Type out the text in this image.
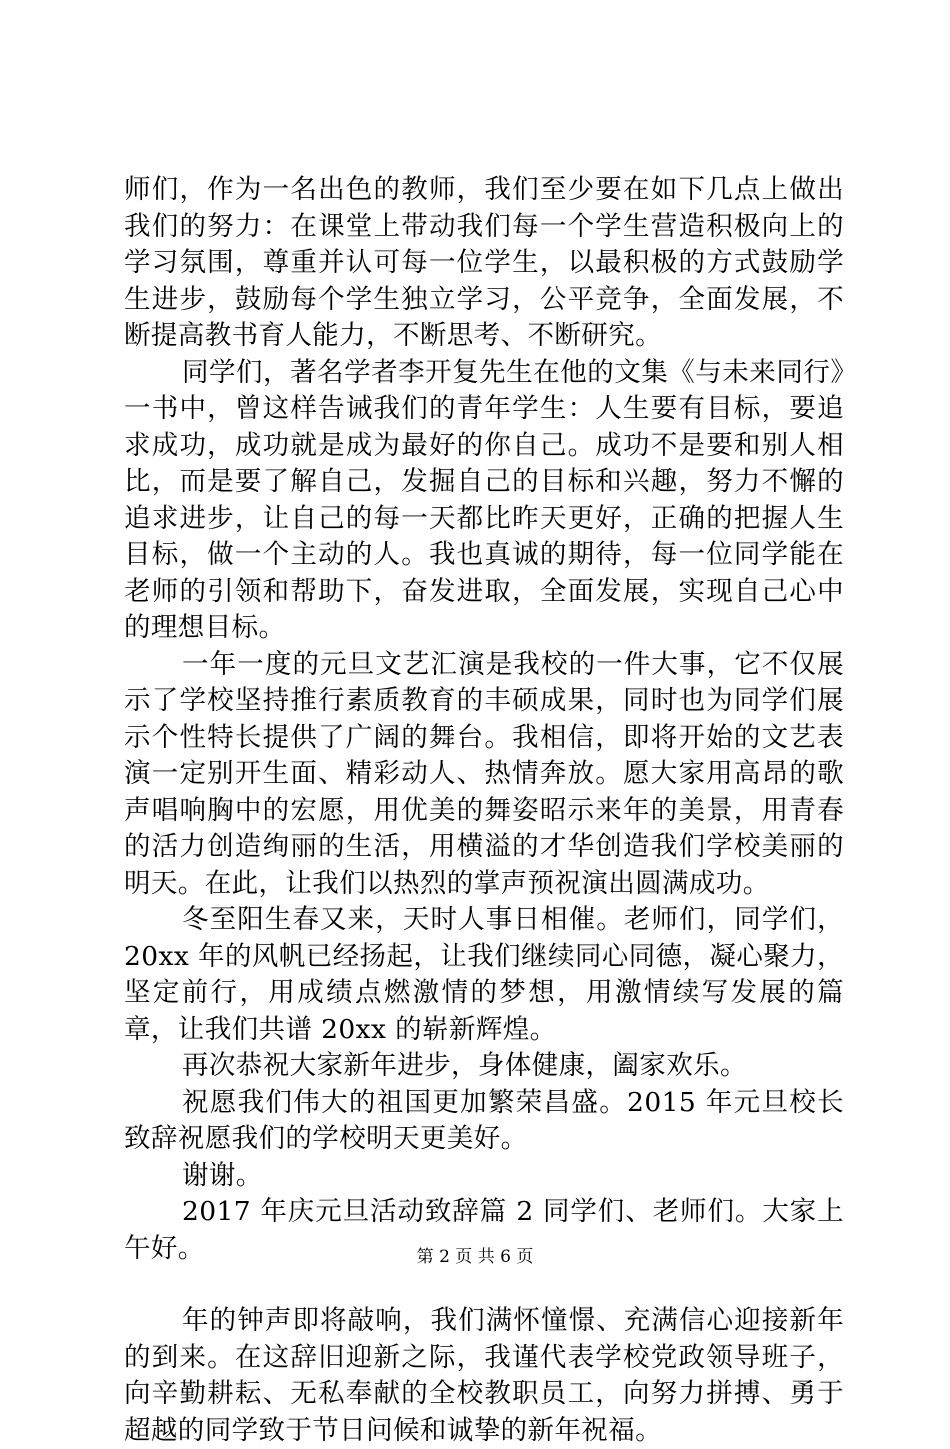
师们，作为一名出色的教师，我们至少要在如下几点上做出我们的努力：在课堂上带动我们每一个学生营造积极向上的学习氛围，尊重并认可每一位学生，以最积极的方式鼓励学生进步，鼓励每个学生独立学习，公平竞争，全面发展，不断提高教书育人能力，不断思考、不断研究。

同学们，著名学者李开复先生在他的文集《与未来同行》一书中，曾这样告诫我们的青年学生：人生要有目标，要追求成功，成功就是成为最好的你自己。成功不是要和别人相比，而是要了解自己，发掘自己的目标和兴趣，努力不懈的追求进步，让自己的每一天都比昨天更好，正确的把握人生目标，做一个主动的人。我也真诚的期待，每一位同学能在老师的引领和帮助下，奋发进取，全面发展，实现自己心中的理想目标。

一年一度的元旦文艺汇演是我校的一件大事，它不仅展示了学校坚持推行素质教育的丰硕成果，同时也为同学们展示个性特长提供了广阔的舞台。我相信，即将开始的文艺表演一定别开生面、精彩动人、热情奔放。愿大家用高昂的歌声唱响胸中的宏愿，用优美的舞姿昭示来年的美景，用青春的活力创造绚丽的生活，用横溢的才华创造我们学校美丽的明天。在此，让我们以热烈的掌声预祝演出圆满成功。

冬至阳生春又来，天时人事日相催。老师们，同学们，20xx 年的风帆已经扬起，让我们继续同心同德，凝心聚力，坚定前行，用成绩点燃激情的梦想，用激情续写发展的篇章，让我们共谱 20xx 的崭新辉煌。

再次恭祝大家新年进步，身体健康，阖家欢乐。

祝愿我们伟大的祖国更加繁荣昌盛。2015 年元旦校长致辞祝愿我们的学校明天更美好。

谢谢。

2017 年庆元旦活动致辞篇 2 同学们、老师们。大家上午好。

年的钟声即将敲响，我们满怀憧憬、充满信心迎接新年的到来。在这辞旧迎新之际，我谨代表学校党政领导班子，向辛勤耕耘、无私奉献的全校教职员工，向努力拼搏、勇于超越的同学致于节日问候和诚挚的新年祝福。

第 2 页 共 6 页
